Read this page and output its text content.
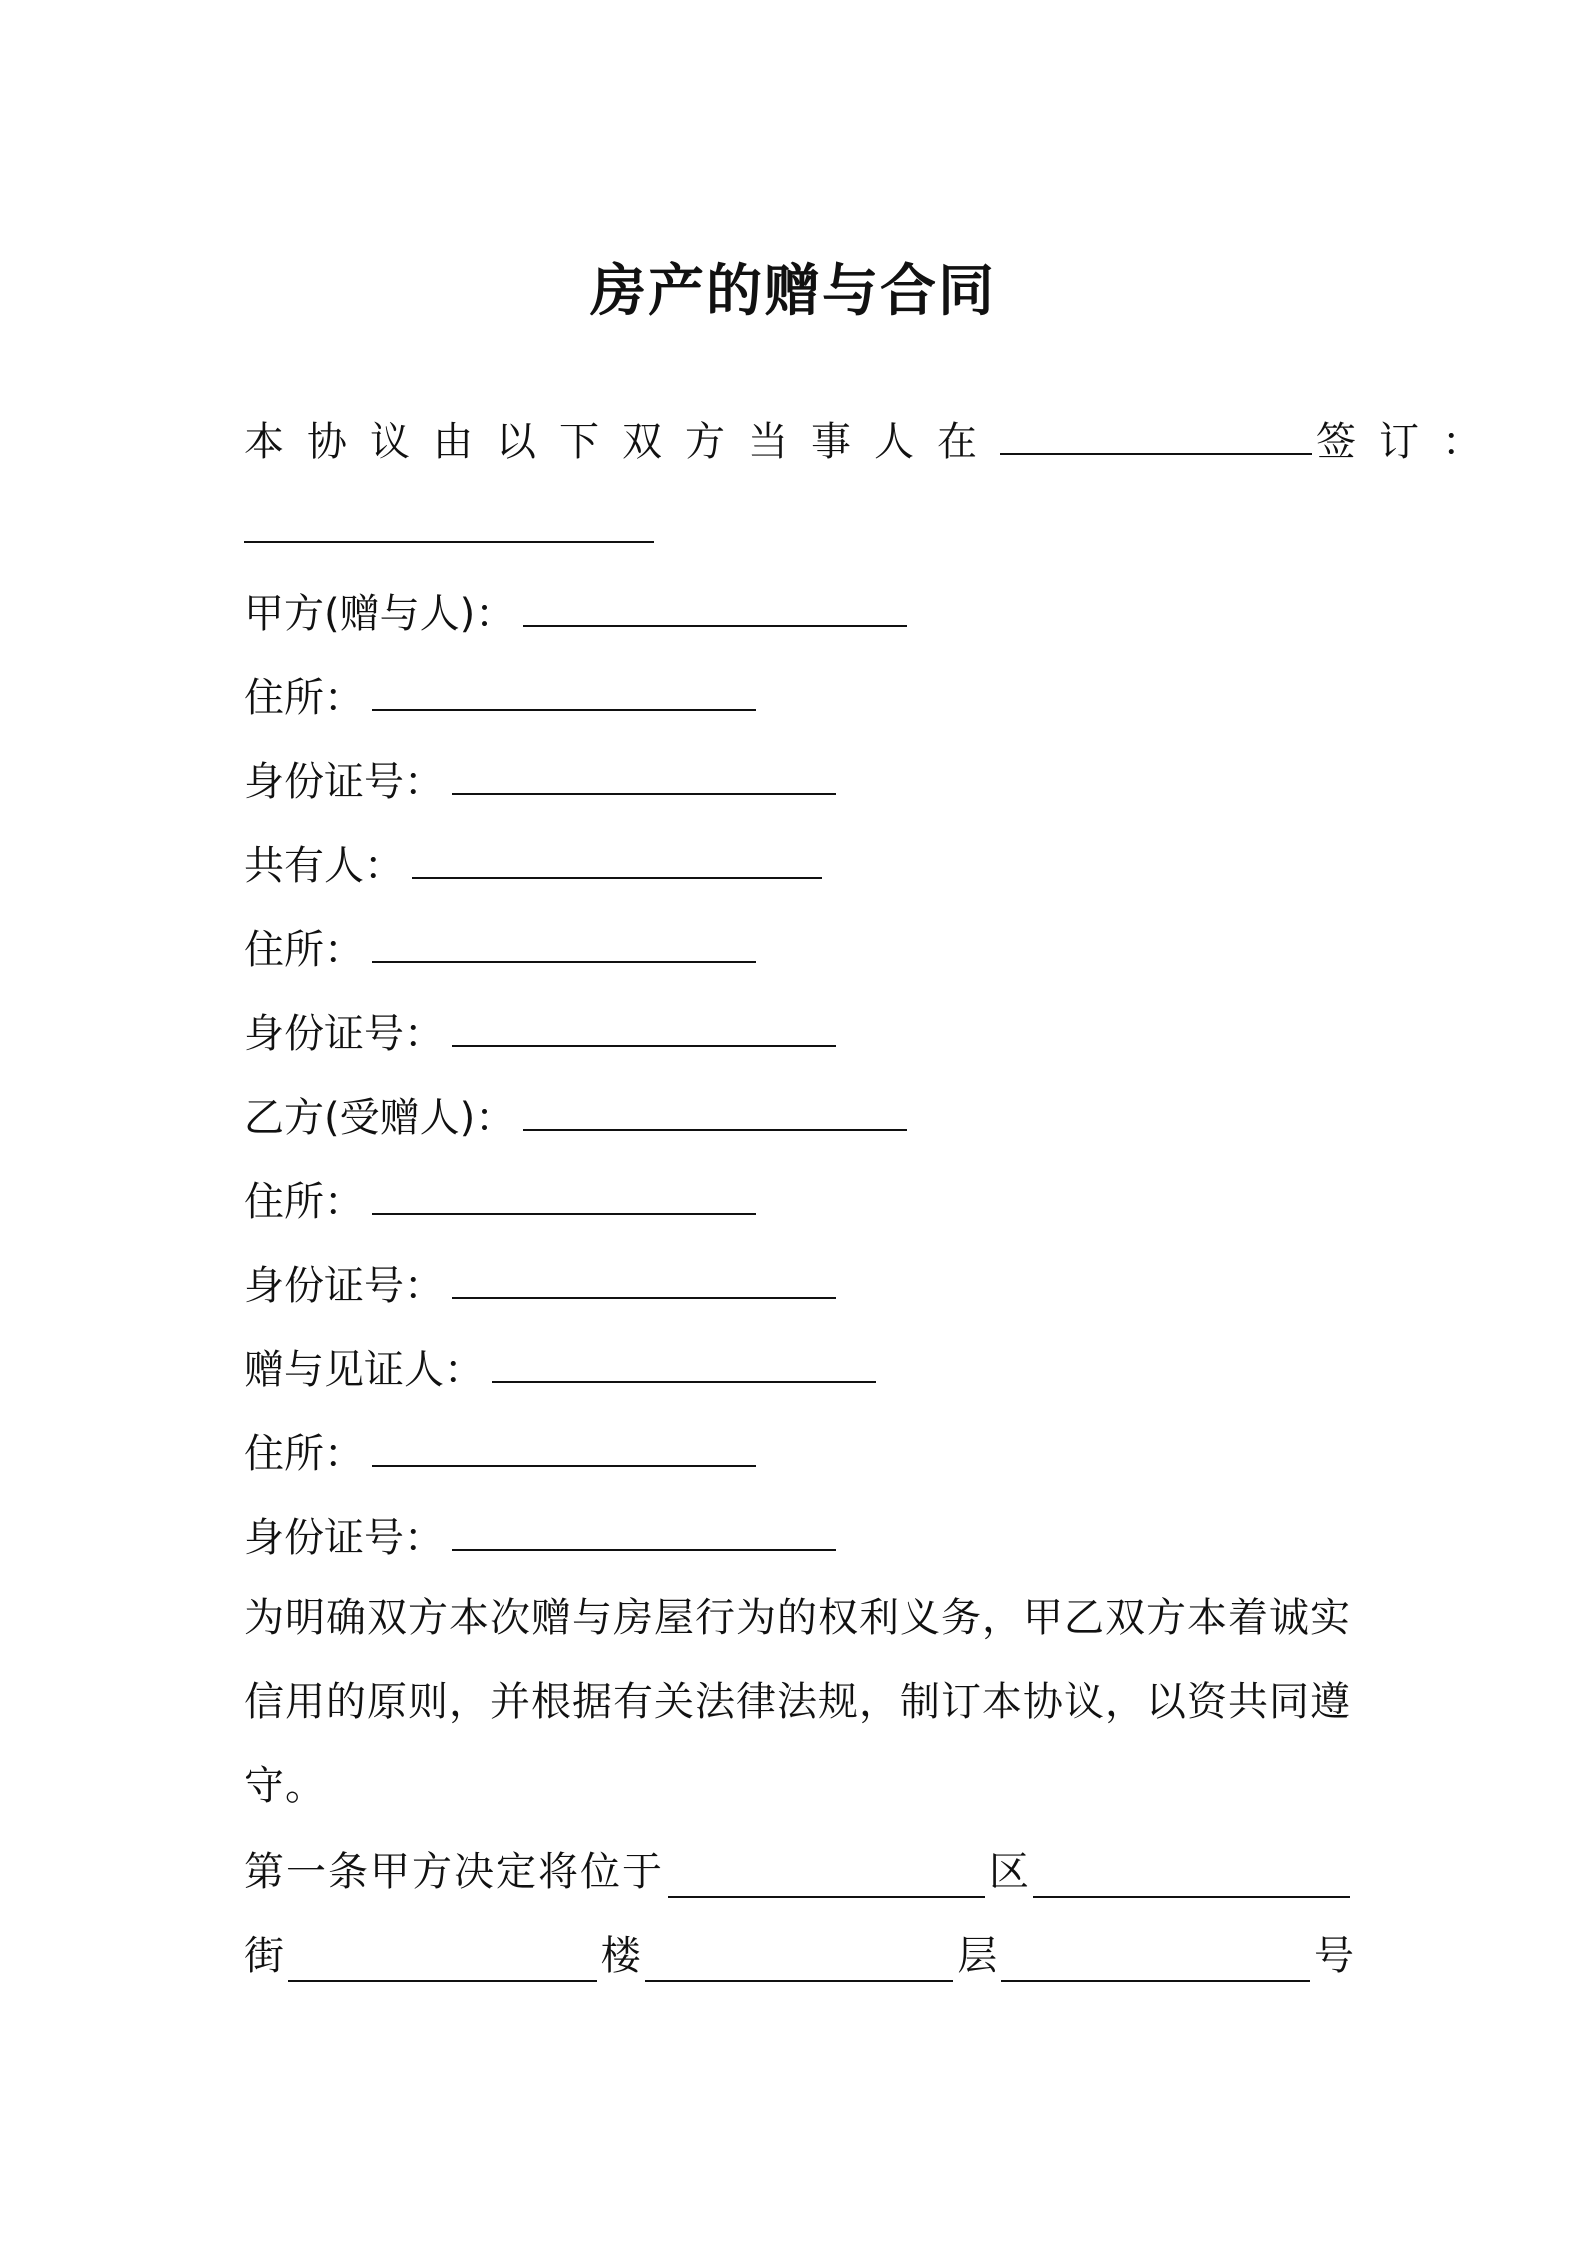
房产的赠与合同
本协议由以下双方当事人在	签订：
甲方(赠与人)：
住所：
身份证号：
共有人：
住所：
身份证号：
乙方(受赠人)：
住所：
身份证号：
赠与见证人：
住所：
身份证号：
为明确双方本次赠与房屋行为的权利义务，甲乙双方本着诚实信用的原则，并根据有关法律法规，制订本协议，以资共同遵守。
第一条甲方决定将位于	区
街	楼	层	号
